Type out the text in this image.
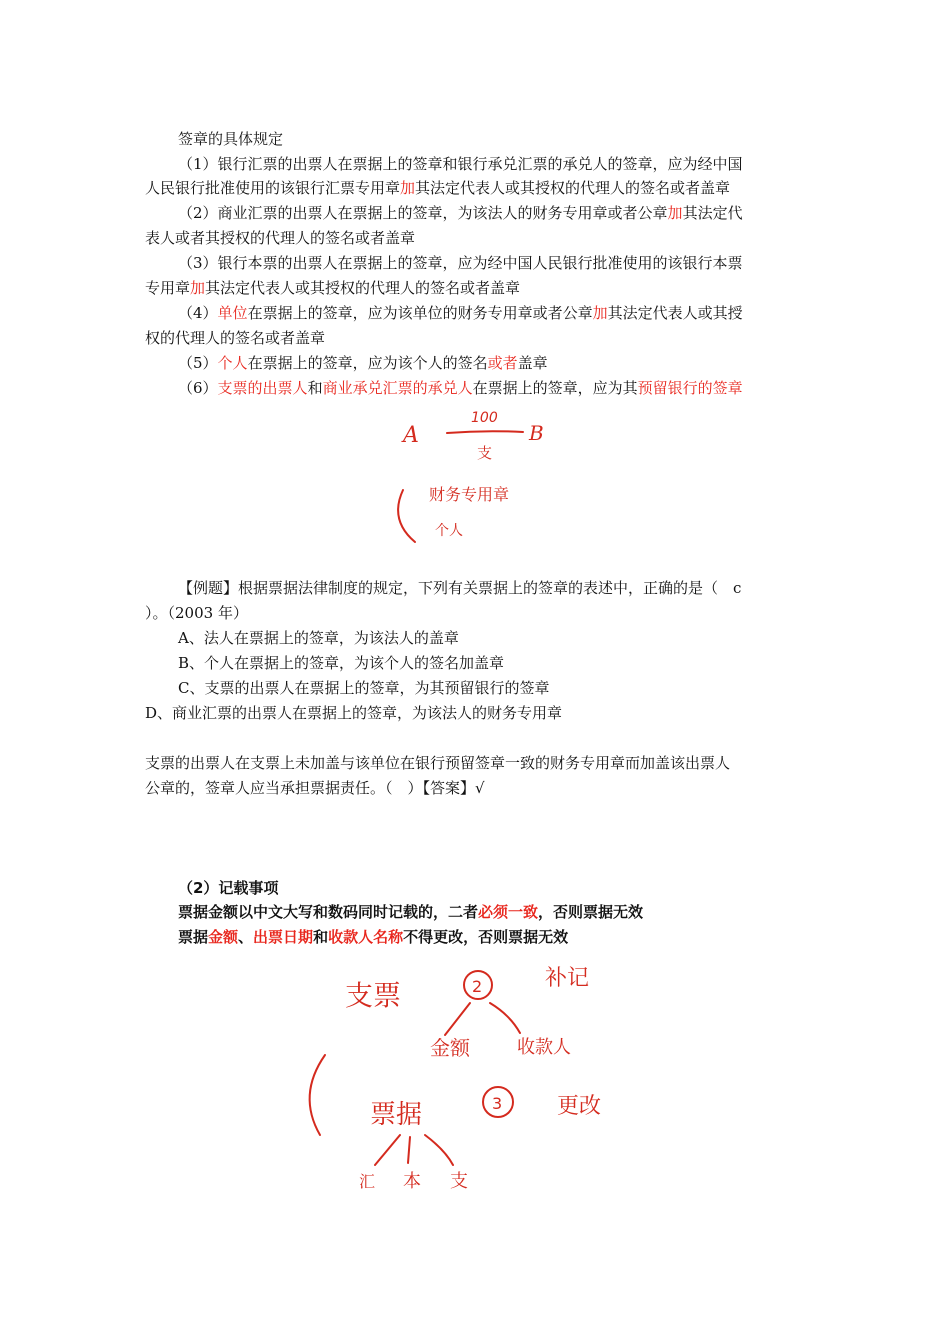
签章的具体规定
（1）银行汇票的出票人在票据上的签章和银行承兑汇票的承兑人的签章，应为经中国
人民银行批准使用的该银行汇票专用章加其法定代表人或其授权的代理人的签名或者盖章
（2）商业汇票的出票人在票据上的签章，为该法人的财务专用章或者公章加其法定代
表人或者其授权的代理人的签名或者盖章
（3）银行本票的出票人在票据上的签章，应为经中国人民银行批准使用的该银行本票
专用章加其法定代表人或其授权的代理人的签名或者盖章
（4）单位在票据上的签章，应为该单位的财务专用章或者公章加其法定代表人或其授
权的代理人的签名或者盖章
（5）个人在票据上的签章，应为该个人的签名或者盖章
（6）支票的出票人和商业承兑汇票的承兑人在票据上的签章，应为其预留银行的签章
A
100
B
支
财务专用章
个人
【例题】根据票据法律制度的规定，下列有关票据上的签章的表述中，正确的是（　c
）。（2003 年）
A、法人在票据上的签章，为该法人的盖章
B、个人在票据上的签章，为该个人的签名加盖章
C、支票的出票人在票据上的签章，为其预留银行的签章
D、商业汇票的出票人在票据上的签章，为该法人的财务专用章
支票的出票人在支票上未加盖与该单位在银行预留签章一致的财务专用章而加盖该出票人
公章的，签章人应当承担票据责任。（　）【答案】√
（2）记载事项
票据金额以中文大写和数码同时记载的，二者必须一致，否则票据无效
票据金额、出票日期和收款人名称不得更改，否则票据无效
支票	2	补记
金额	收款人
票据	3 更改
汇 本 支
